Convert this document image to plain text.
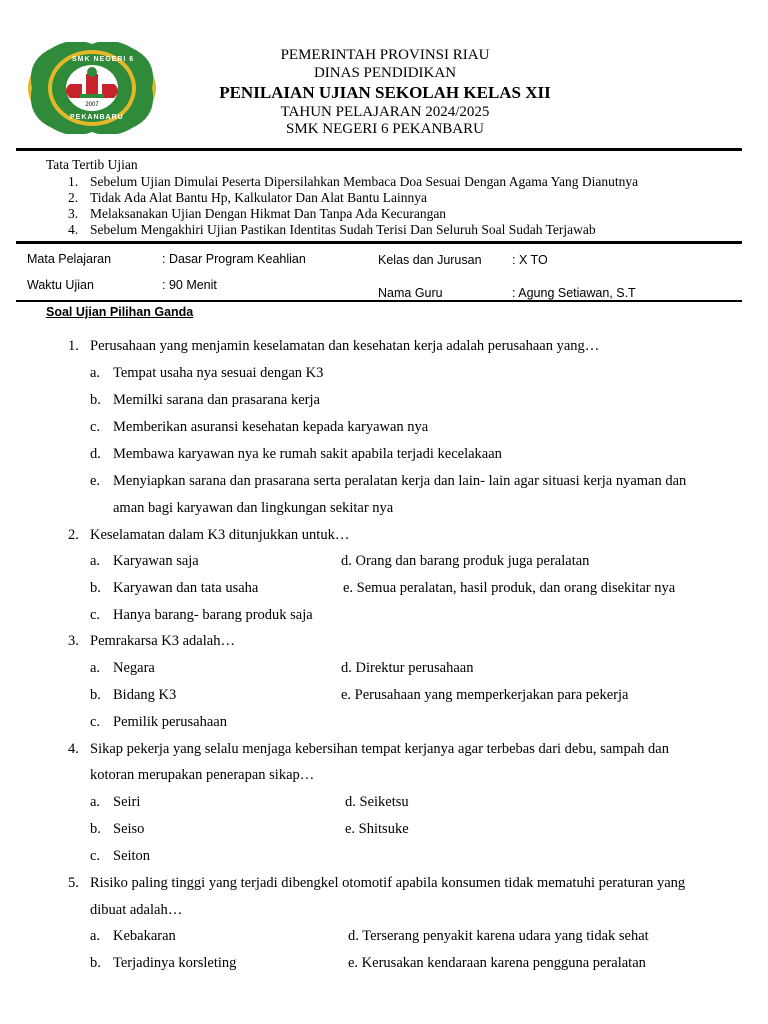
2007
SMK NEGERI 6
PEKANBARU
PEMERINTAH PROVINSI RIAU
DINAS PENDIDIKAN
PENILAIAN UJIAN SEKOLAH KELAS XII
TAHUN PELAJARAN 2024/2025
SMK NEGERI 6 PEKANBARU
Tata Tertib Ujian
1. Sebelum Ujian Dimulai Peserta Dipersilahkan Membaca Doa Sesuai Dengan Agama Yang Dianutnya
2. Tidak Ada Alat Bantu Hp, Kalkulator Dan Alat Bantu Lainnya
3. Melaksanakan Ujian Dengan Hikmat Dan Tanpa Ada Kecurangan
4. Sebelum Mengakhiri Ujian Pastikan Identitas Sudah Terisi Dan Seluruh Soal Sudah Terjawab
Mata Pelajaran	: Dasar Program Keahlian	Kelas dan Jurusan : X TO
Waktu Ujian	: 90 Menit
Nama Guru	: Agung Setiawan, S.T
Soal Ujian Pilihan Ganda
1. Perusahaan yang menjamin keselamatan dan kesehatan kerja adalah perusahaan yang…
a. Tempat usaha nya sesuai dengan K3
b. Memilki sarana dan prasarana kerja
c. Memberikan asuransi kesehatan kepada karyawan nya
d. Membawa karyawan nya ke rumah sakit apabila terjadi kecelakaan
e. Menyiapkan sarana dan prasarana serta peralatan kerja dan lain- lain agar situasi kerja nyaman dan
aman bagi karyawan dan lingkungan sekitar nya
2. Keselamatan dalam K3 ditunjukkan untuk…
a. Karyawan saja	d. Orang dan barang produk juga peralatan
b. Karyawan dan tata usaha	e. Semua peralatan, hasil produk, dan orang disekitar nya
c. Hanya barang- barang produk saja
3. Pemrakarsa K3 adalah…
a. Negara	d. Direktur perusahaan
b. Bidang K3	e. Perusahaan yang memperkerjakan para pekerja
c. Pemilik perusahaan
4. Sikap pekerja yang selalu menjaga kebersihan tempat kerjanya agar terbebas dari debu, sampah dan
kotoran merupakan penerapan sikap…
a. Seiri	d. Seiketsu
b. Seiso	e. Shitsuke
c. Seiton
5. Risiko paling tinggi yang terjadi dibengkel otomotif apabila konsumen tidak mematuhi peraturan yang
dibuat adalah…
a. Kebakaran	d. Terserang penyakit karena udara yang tidak sehat
b. Terjadinya korsleting	e. Kerusakan kendaraan karena pengguna peralatan
